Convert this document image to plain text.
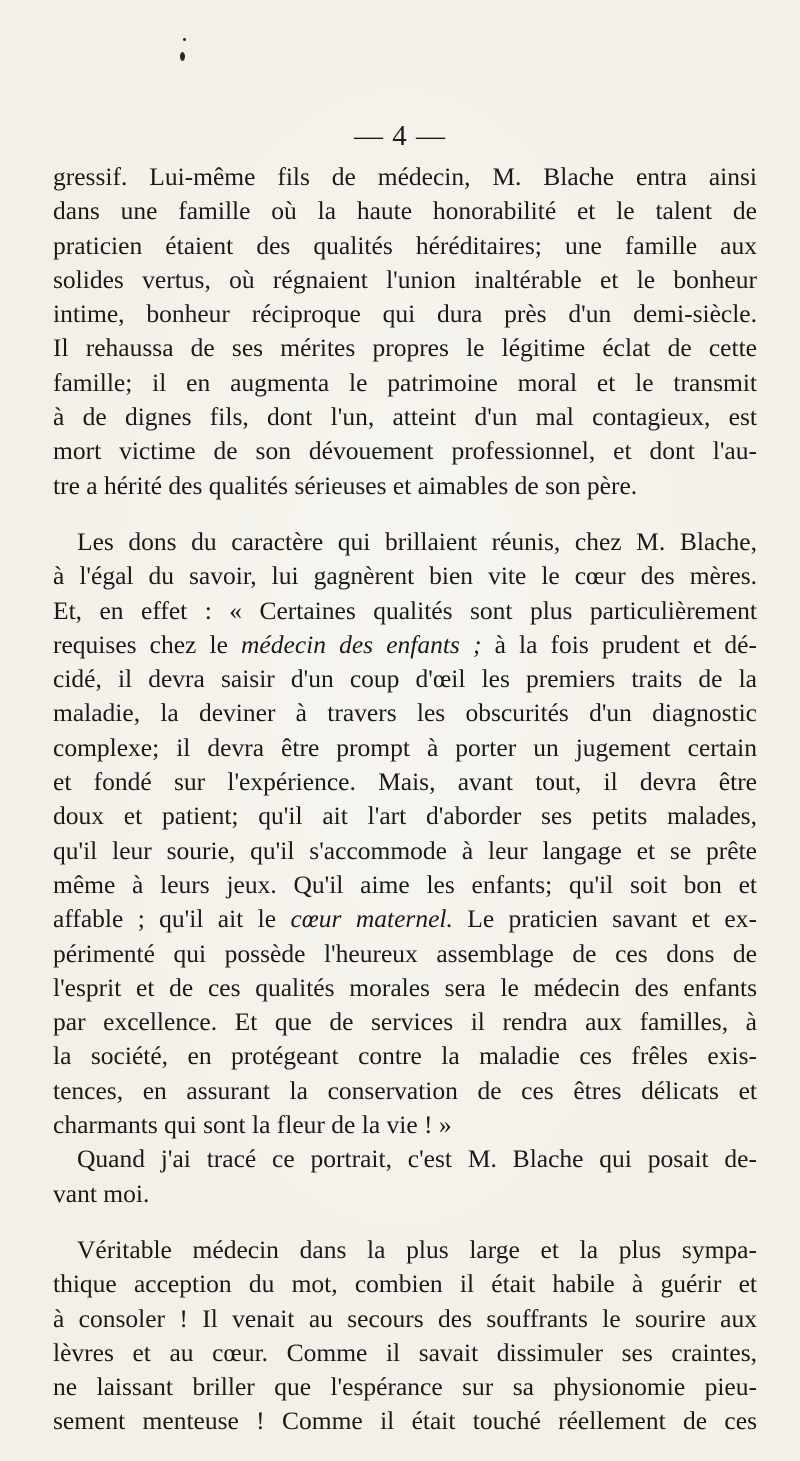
— 4 —
gressif. Lui-même fils de médecin, M. Blache entra ainsi
dans une famille où la haute honorabilité et le talent de
praticien étaient des qualités héréditaires; une famille aux
solides vertus, où régnaient l'union inaltérable et le bonheur
intime, bonheur réciproque qui dura près d'un demi-siècle.
Il rehaussa de ses mérites propres le légitime éclat de cette
famille; il en augmenta le patrimoine moral et le transmit
à de dignes fils, dont l'un, atteint d'un mal contagieux, est
mort victime de son dévouement professionnel, et dont l'au-
tre a hérité des qualités sérieuses et aimables de son père.
Les dons du caractère qui brillaient réunis, chez M. Blache,
à l'égal du savoir, lui gagnèrent bien vite le cœur des mères.
Et, en effet : « Certaines qualités sont plus particulièrement
requises chez le médecin des enfants ; à la fois prudent et dé-
cidé, il devra saisir d'un coup d'œil les premiers traits de la
maladie, la deviner à travers les obscurités d'un diagnostic
complexe; il devra être prompt à porter un jugement certain
et fondé sur l'expérience. Mais, avant tout, il devra être
doux et patient; qu'il ait l'art d'aborder ses petits malades,
qu'il leur sourie, qu'il s'accommode à leur langage et se prête
même à leurs jeux. Qu'il aime les enfants; qu'il soit bon et
affable ; qu'il ait le cœur maternel. Le praticien savant et ex-
périmenté qui possède l'heureux assemblage de ces dons de
l'esprit et de ces qualités morales sera le médecin des enfants
par excellence. Et que de services il rendra aux familles, à
la société, en protégeant contre la maladie ces frêles exis-
tences, en assurant la conservation de ces êtres délicats et
charmants qui sont la fleur de la vie ! »
Quand j'ai tracé ce portrait, c'est M. Blache qui posait de-
vant moi.
Véritable médecin dans la plus large et la plus sympa-
thique acception du mot, combien il était habile à guérir et
à consoler ! Il venait au secours des souffrants le sourire aux
lèvres et au cœur. Comme il savait dissimuler ses craintes,
ne laissant briller que l'espérance sur sa physionomie pieu-
sement menteuse ! Comme il était touché réellement de ces
